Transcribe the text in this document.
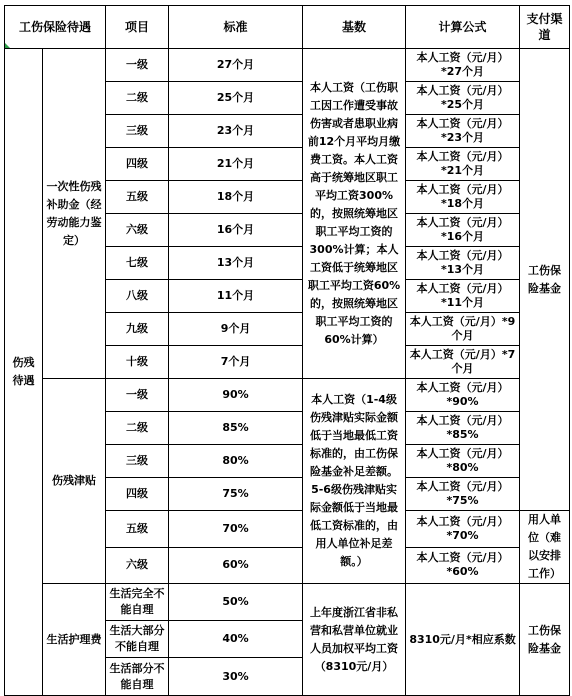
工伤保险待遇		项目	标准	基数	计算公式	支付渠道
伤残待遇	一次性伤残补助金（经劳动能力鉴定）	一级	27个月	本人工资（工伤职工因工作遭受事故伤害或者患职业病前12个月平均月缴费工资。本人工资高于统筹地区职工平均工资300%的，按照统筹地区职工平均工资的300%计算；本人工资低于统筹地区职工平均工资60%的，按照统筹地区职工平均工资的60%计算）	本人工资（元/月）*27个月	工伤保险基金
		二级	25个月		本人工资（元/月）*25个月	
		三级	23个月		本人工资（元/月）*23个月	
		四级	21个月		本人工资（元/月）*21个月	
		五级	18个月		本人工资（元/月）*18个月	
		六级	16个月		本人工资（元/月）*16个月	
		七级	13个月		本人工资（元/月）*13个月	
		八级	11个月		本人工资（元/月）*11个月	
		九级	9个月		本人工资（元/月）*9个月	
		十级	7个月		本人工资（元/月）*7个月	
	伤残津贴	一级	90%	本人工资（1-4级伤残津贴实际金额低于当地最低工资标准的，由工伤保险基金补足差额。5-6级伤残津贴实际金额低于当地最低工资标准的，由用人单位补足差额。）	本人工资（元/月）*90%	
		二级	85%		本人工资（元/月）*85%	
		三级	80%		本人工资（元/月）*80%	
		四级	75%		本人工资（元/月）*75%	
		五级	70%		本人工资（元/月）*70%	用人单位（难以安排工作）
		六级	60%		本人工资（元/月）*60%	
	生活护理费	生活完全不能自理	50%	上年度浙江省非私营和私营单位就业人员加权平均工资（8310元/月）	8310元/月*相应系数	工伤保险基金
		生活大部分不能自理	40%			
		生活部分不能自理	30%			
